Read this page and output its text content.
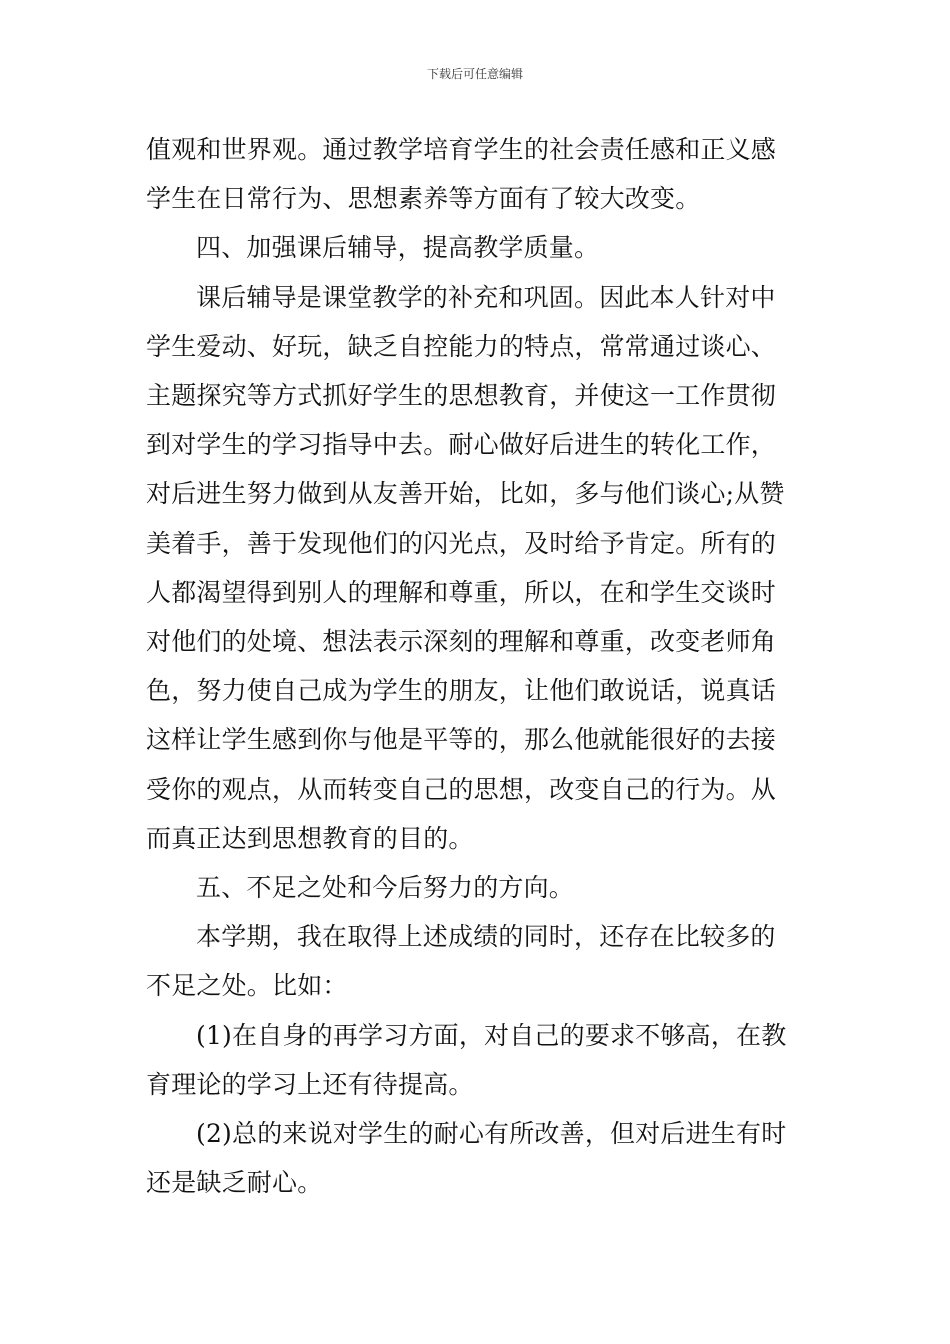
下载后可任意编辑

值观和世界观。通过教学培育学生的社会责任感和正义感

学生在日常行为、思想素养等方面有了较大改变。

四、加强课后辅导，提高教学质量。

课后辅导是课堂教学的补充和巩固。因此本人针对中

学生爱动、好玩，缺乏自控能力的特点，常常通过谈心、

主题探究等方式抓好学生的思想教育，并使这一工作贯彻

到对学生的学习指导中去。耐心做好后进生的转化工作，

对后进生努力做到从友善开始，比如，多与他们谈心;从赞

美着手，善于发现他们的闪光点，及时给予肯定。所有的

人都渴望得到别人的理解和尊重，所以，在和学生交谈时

对他们的处境、想法表示深刻的理解和尊重，改变老师角

色，努力使自己成为学生的朋友，让他们敢说话，说真话

这样让学生感到你与他是平等的，那么他就能很好的去接

受你的观点，从而转变自己的思想，改变自己的行为。从

而真正达到思想教育的目的。

五、不足之处和今后努力的方向。

本学期，我在取得上述成绩的同时，还存在比较多的

不足之处。比如：

(1)在自身的再学习方面，对自己的要求不够高，在教

育理论的学习上还有待提高。

(2)总的来说对学生的耐心有所改善，但对后进生有时

还是缺乏耐心。
